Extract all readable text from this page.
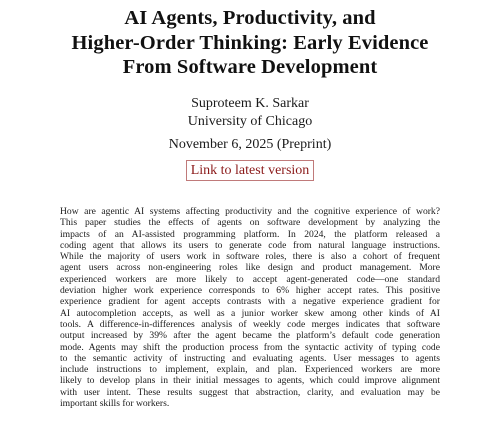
AI Agents, Productivity, and
Higher-Order Thinking: Early Evidence
From Software Development
Suproteem K. Sarkar
University of Chicago
November 6, 2025 (Preprint)
Link to latest version

How are agentic AI systems affecting productivity and the cognitive experience of work?
This paper studies the effects of agents on software development by analyzing the
impacts of an AI-assisted programming platform. In 2024, the platform released a
coding agent that allows its users to generate code from natural language instructions.
While the majority of users work in software roles, there is also a cohort of frequent
agent users across non-engineering roles like design and product management. More
experienced workers are more likely to accept agent-generated code—one standard
deviation higher work experience corresponds to 6% higher accept rates. This positive
experience gradient for agent accepts contrasts with a negative experience gradient for
AI autocompletion accepts, as well as a junior worker skew among other kinds of AI
tools. A difference-in-differences analysis of weekly code merges indicates that software
output increased by 39% after the agent became the platform’s default code generation
mode. Agents may shift the production process from the syntactic activity of typing code
to the semantic activity of instructing and evaluating agents. User messages to agents
include instructions to implement, explain, and plan. Experienced workers are more
likely to develop plans in their initial messages to agents, which could improve alignment
with user intent. These results suggest that abstraction, clarity, and evaluation may be
important skills for workers.
